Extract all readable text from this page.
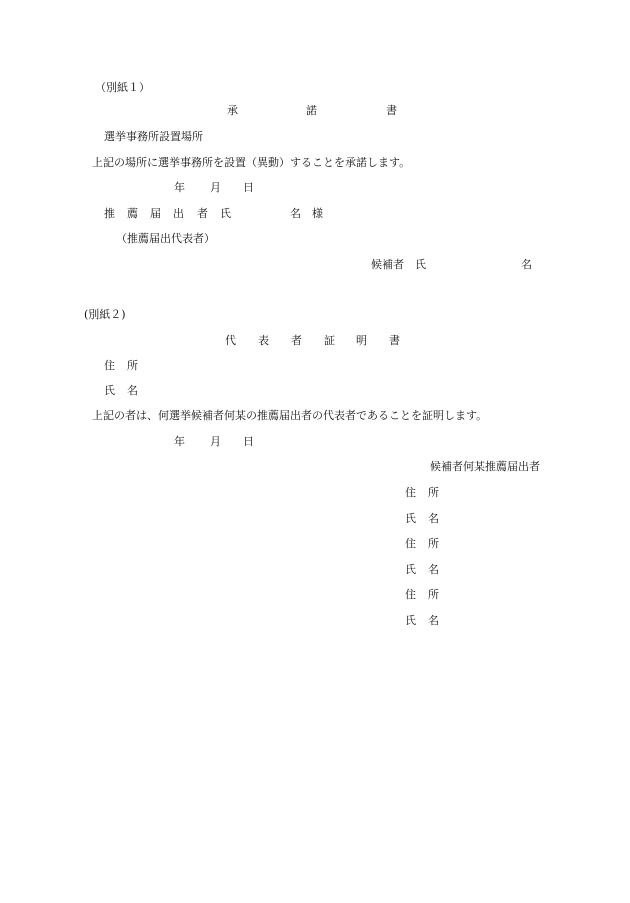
（別紙１）
承	諾	書
選挙事務所設置場所
上記の場所に選挙事務所を設置（異動）することを承諾します。
年 月 日
推 薦 届 出 者 氏	名 様
（推薦届出代表者）
候補者　氏	名
(別紙２)
代 表 者 証 明 書
住 所
氏 名
上記の者は、何選挙候補者何某の推薦届出者の代表者であることを証明します。
年 月 日
候補者何某推薦届出者
住 所
氏 名
住 所
氏 名
住 所
氏 名
